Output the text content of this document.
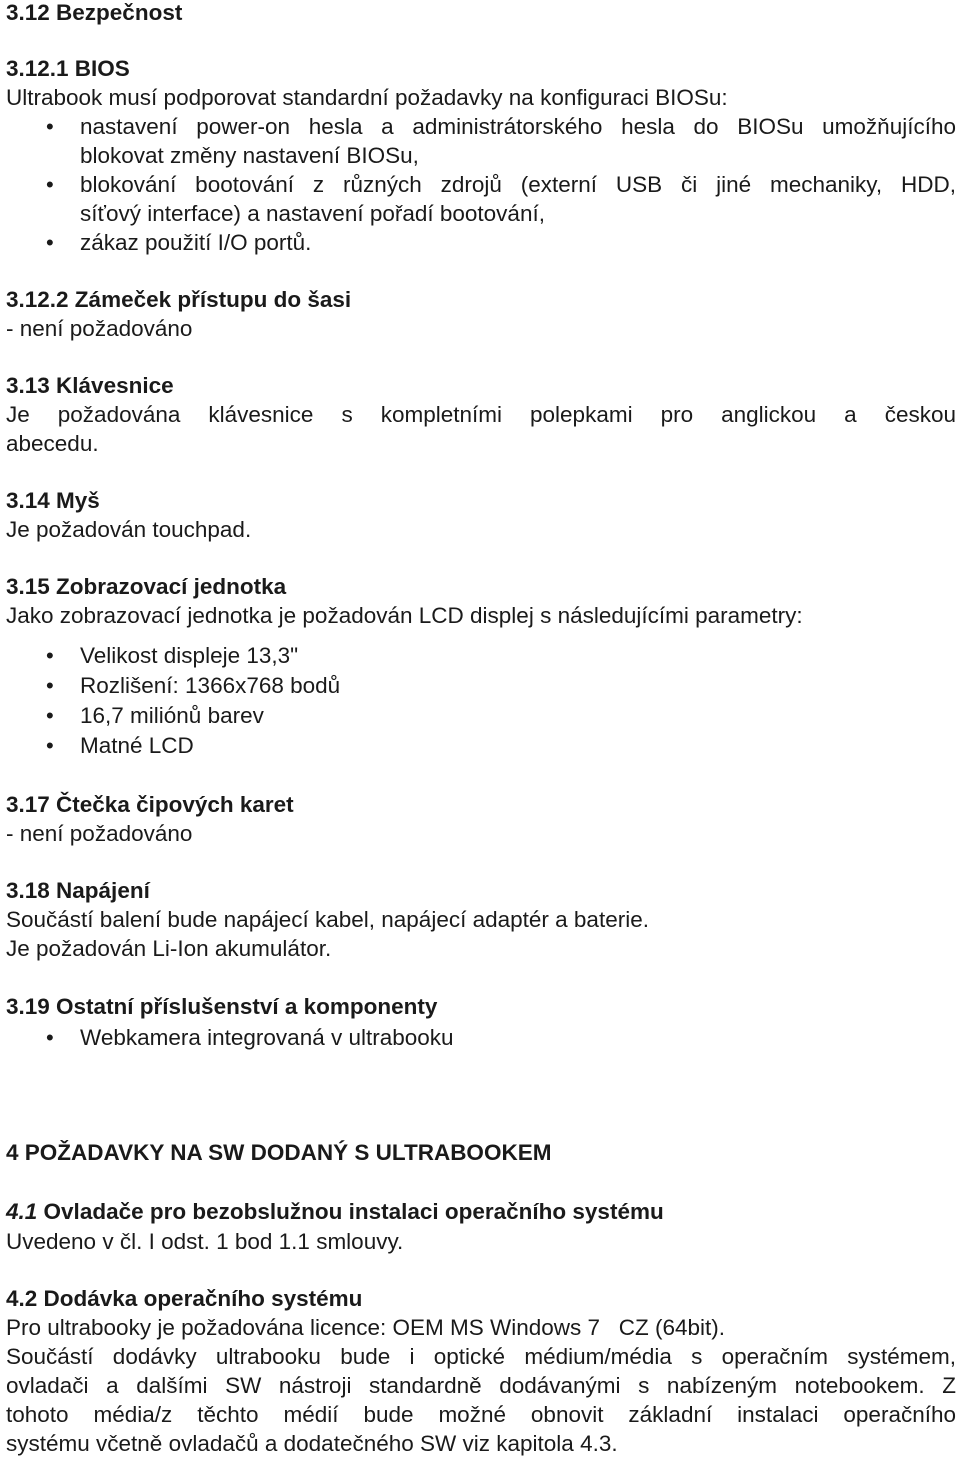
3.12 Bezpečnost
3.12.1 BIOS
Ultrabook musí podporovat standardní požadavky na konfiguraci BIOSu:
• nastavení power-on hesla a administrátorského hesla do BIOSu umožňujícího
blokovat změny nastavení BIOSu,
• blokování bootování z různých zdrojů (externí USB či jiné mechaniky, HDD,
síťový interface) a nastavení pořadí bootování,
• zákaz použití I/O portů.
3.12.2 Zámeček přístupu do šasi
- není požadováno
3.13 Klávesnice
Je požadována klávesnice s kompletními polepkami pro anglickou a českou
abecedu.
3.14 Myš
Je požadován touchpad.
3.15 Zobrazovací jednotka
Jako zobrazovací jednotka je požadován LCD displej s následujícími parametry:
• Velikost displeje 13,3"
• Rozlišení: 1366x768 bodů
• 16,7 miliónů barev
• Matné LCD
3.17 Čtečka čipových karet
- není požadováno
3.18 Napájení
Součástí balení bude napájecí kabel, napájecí adaptér a baterie.
Je požadován Li-Ion akumulátor.
3.19 Ostatní příslušenství a komponenty
• Webkamera integrovaná v ultrabooku
4 POŽADAVKY NA SW DODANÝ S ULTRABOOKEM
4.1 Ovladače pro bezobslužnou instalaci operačního systému
Uvedeno v čl. I odst. 1 bod 1.1 smlouvy.
4.2 Dodávka operačního systému
Pro ultrabooky je požadována licence: OEM MS Windows 7   CZ (64bit).
Součástí dodávky ultrabooku bude i optické médium/média s operačním systémem,
ovladači a dalšími SW nástroji standardně dodávanými s nabízeným notebookem. Z
tohoto média/z těchto médií bude možné obnovit základní instalaci operačního
systému včetně ovladačů a dodatečného SW viz kapitola 4.3.
